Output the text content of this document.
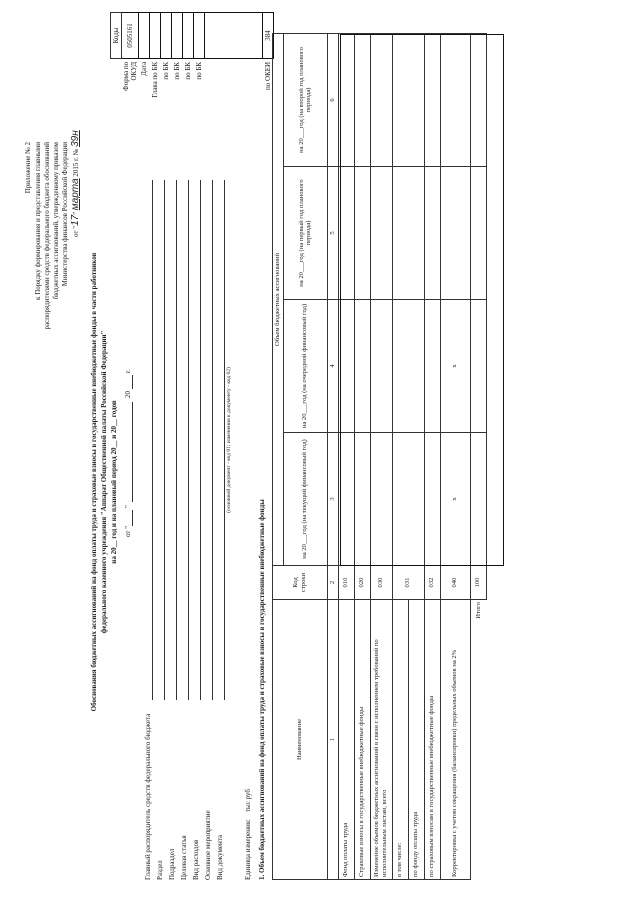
Приложение № 2 к Порядку формирования и представления главными распорядителями средств федерального бюджета обоснований бюджетных ассигнований, утвержденному приказом Министерства финансов Российской Федерации от "17" марта 2015 г. № 39н
Обоснования бюджетных ассигнований на фонд оплаты труда и страховые взносы в государственные внебюджетные фонды в части работников федерального казенного учреждения "Аппарат Общественной палаты Российской Федерации" на 20__ год и на плановый период 20__ и 20__ годов от "
"
20
г.
	Коды
Форма по ОКУД	0505161
Дата	
Глава по БК	
по БК	
по БК	
по БК	
по БК	

по ОКЕИ	384
Главный распорядитель средств федерального бюджета Раздел Подраздел Целевая статья Вид расходов Основное мероприятие Вид документа
(основной документ - код 01; изменения к документу - код 02)
Единица измерения:
тыс руб 1. Объем бюджетных ассигнований на фонд оплаты труда и страховые взносы в государственные внебюджетные фонды	Наименование	Код строки	Объем бюджетных ассигнований			
		на 20___год (на текущий финансовый год)	на 20___год (на очередной финансовый год)	на 20___год (на первый год планового периода)	на 20___год (на второй год планового периода)
1	2	3	4	5	6
Фонд оплаты труда	010				
Страховые взносы в государственные внебюджетные фонды	020				
Изменение объемов бюджетных ассигнований в связи с исполнением требований по исполнительным листам, всего	030				
в том числе:	031				
по фонду оплаты труда					
по страховым взносам в государственные внебюджетные фонды	032				
Корректировка с учетом сокращения (балансировки) предельных объемов на 2%	040	х	х		
Итого	100				
